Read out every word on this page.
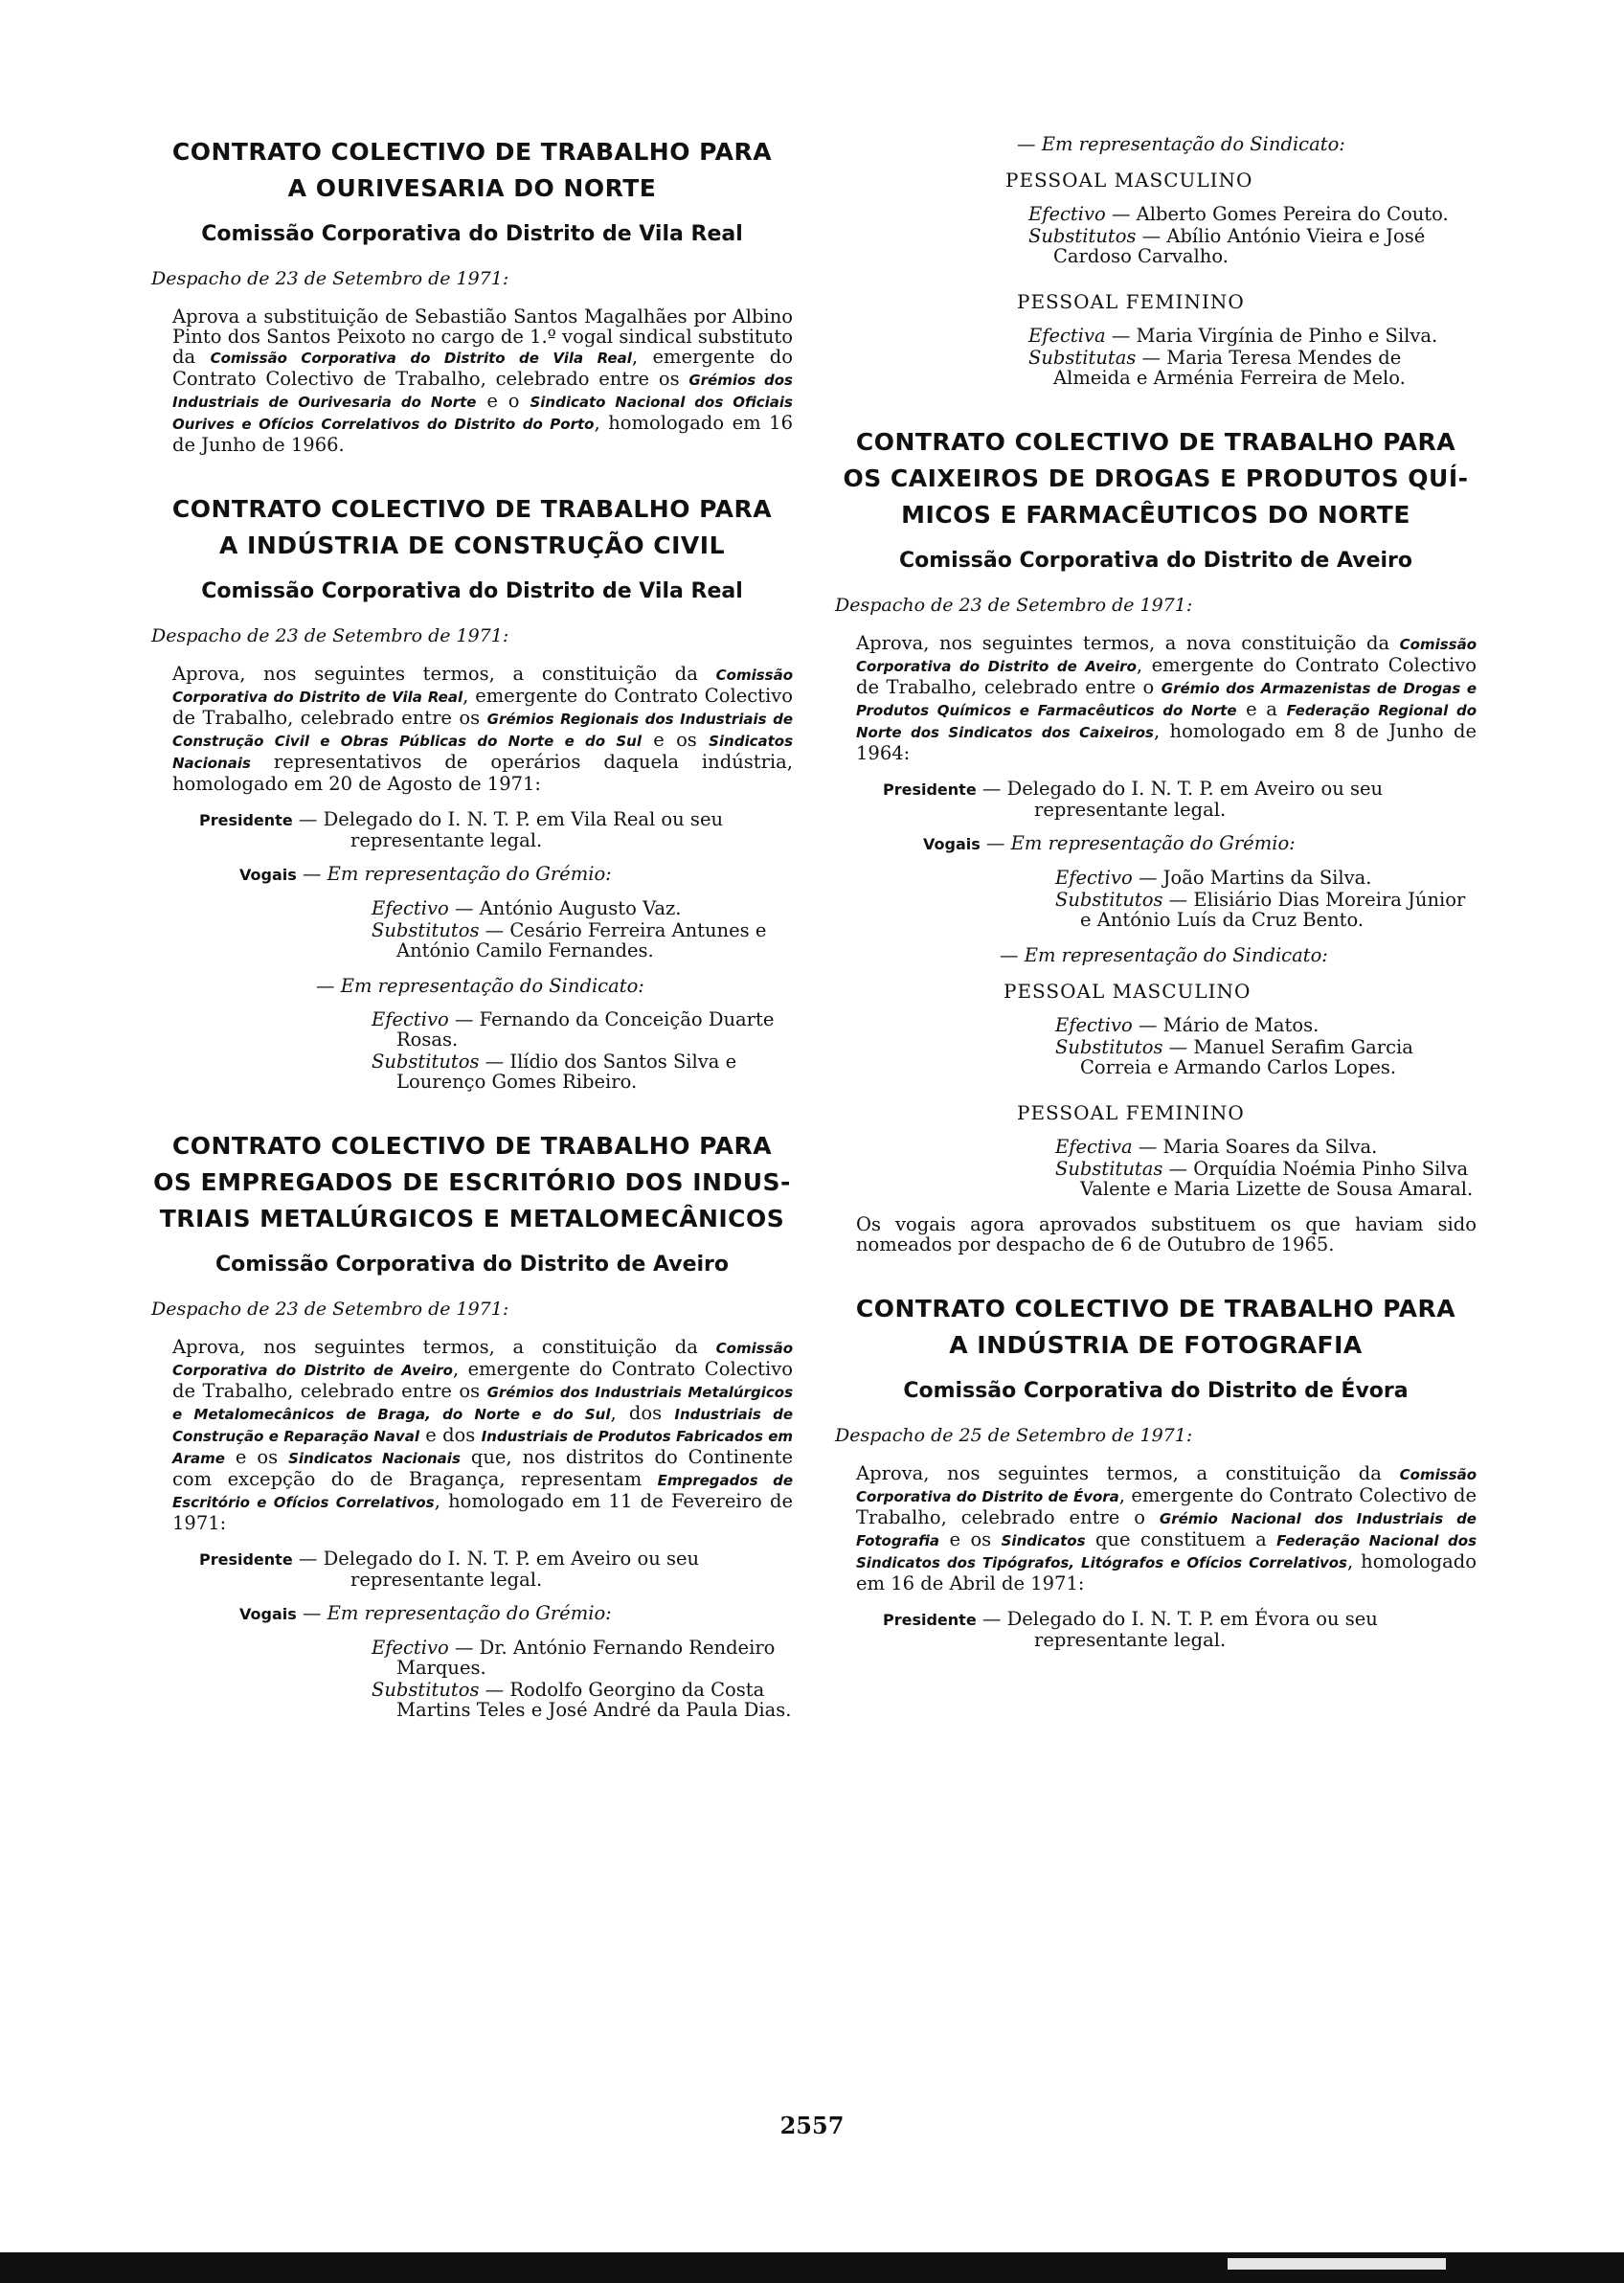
CONTRATO COLECTIVO DE TRABALHO PARA
A OURIVESARIA DO NORTE
Comissão Corporativa do Distrito de Vila Real

Despacho de 23 de Setembro de 1971:

Aprova a substituição de Sebastião Santos Magalhães por Albino Pinto dos Santos Peixoto no cargo de 1.º vogal sindical substituto da Comissão Corporativa do Distrito de Vila Real, emergente do Contrato Colectivo de Trabalho, celebrado entre os Grémios dos Industriais de Ourivesaria do Norte e o Sindicato Nacional dos Oficiais Ourives e Ofícios Correlativos do Distrito do Porto, homologado em 16 de Junho de 1966.

CONTRATO COLECTIVO DE TRABALHO PARA
A INDÚSTRIA DE CONSTRUÇÃO CIVIL
Comissão Corporativa do Distrito de Vila Real

Despacho de 23 de Setembro de 1971:

Aprova, nos seguintes termos, a constituição da Comissão Corporativa do Distrito de Vila Real, emergente do Contrato Colectivo de Trabalho, celebrado entre os Grémios Regionais dos Industriais de Construção Civil e Obras Públicas do Norte e do Sul e os Sindicatos Nacionais representativos de operários daquela indústria, homologado em 20 de Agosto de 1971:

Presidente — Delegado do I. N. T. P. em Vila Real ou seu representante legal.

Vogais — Em representação do Grémio:

Efectivo — António Augusto Vaz.
Substitutos — Cesário Ferreira Antunes e António Camilo Fernandes.

— Em representação do Sindicato:

Efectivo — Fernando da Conceição Duarte Rosas.
Substitutos — Ilídio dos Santos Silva e Lourenço Gomes Ribeiro.
CONTRATO COLECTIVO DE TRABALHO PARA
OS EMPREGADOS DE ESCRITÓRIO DOS INDUS-
TRIAIS METALÚRGICOS E METALOMECÂNICOS
Comissão Corporativa do Distrito de Aveiro

Despacho de 23 de Setembro de 1971:

Aprova, nos seguintes termos, a constituição da Comissão Corporativa do Distrito de Aveiro, emergente do Contrato Colectivo de Trabalho, celebrado entre os Grémios dos Industriais Metalúrgicos e Metalomecânicos de Braga, do Norte e do Sul, dos Industriais de Construção e Reparação Naval e dos Industriais de Produtos Fabricados em Arame e os Sindicatos Nacionais que, nos distritos do Continente com excepção do de Bragança, representam Empregados de Escritório e Ofícios Correlativos, homologado em 11 de Fevereiro de 1971:

Presidente — Delegado do I. N. T. P. em Aveiro ou seu representante legal.

Vogais — Em representação do Grémio:

Efectivo — Dr. António Fernando Rendeiro Marques.
Substitutos — Rodolfo Georgino da Costa Martins Teles e José André da Paula Dias.

— Em representação do Sindicato:

PESSOAL MASCULINO

Efectivo — Alberto Gomes Pereira do Couto.
Substitutos — Abílio António Vieira e José Cardoso Carvalho.

PESSOAL FEMININO

Efectiva — Maria Virgínia de Pinho e Silva.
Substitutas — Maria Teresa Mendes de Almeida e Arménia Ferreira de Melo.
CONTRATO COLECTIVO DE TRABALHO PARA
OS CAIXEIROS DE DROGAS E PRODUTOS QUÍ-
MICOS E FARMACÊUTICOS DO NORTE
Comissão Corporativa do Distrito de Aveiro

Despacho de 23 de Setembro de 1971:

Aprova, nos seguintes termos, a nova constituição da Comissão Corporativa do Distrito de Aveiro, emergente do Contrato Colectivo de Trabalho, celebrado entre o Grémio dos Armazenistas de Drogas e Produtos Químicos e Farmacêuticos do Norte e a Federação Regional do Norte dos Sindicatos dos Caixeiros, homologado em 8 de Junho de 1964:

Presidente — Delegado do I. N. T. P. em Aveiro ou seu representante legal.

Vogais — Em representação do Grémio:

Efectivo — João Martins da Silva.
Substitutos — Elisiário Dias Moreira Júnior e António Luís da Cruz Bento.

— Em representação do Sindicato:

PESSOAL MASCULINO

Efectivo — Mário de Matos.
Substitutos — Manuel Serafim Garcia Correia e Armando Carlos Lopes.

PESSOAL FEMININO

Efectiva — Maria Soares da Silva.
Substitutas — Orquídia Noémia Pinho Silva Valente e Maria Lizette de Sousa Amaral.

Os vogais agora aprovados substituem os que haviam sido nomeados por despacho de 6 de Outubro de 1965.

CONTRATO COLECTIVO DE TRABALHO PARA
A INDÚSTRIA DE FOTOGRAFIA
Comissão Corporativa do Distrito de Évora

Despacho de 25 de Setembro de 1971:

Aprova, nos seguintes termos, a constituição da Comissão Corporativa do Distrito de Évora, emergente do Contrato Colectivo de Trabalho, celebrado entre o Grémio Nacional dos Industriais de Fotografia e os Sindicatos que constituem a Federação Nacional dos Sindicatos dos Tipógrafos, Litógrafos e Ofícios Correlativos, homologado em 16 de Abril de 1971:

Presidente — Delegado do I. N. T. P. em Évora ou seu representante legal.

2557
